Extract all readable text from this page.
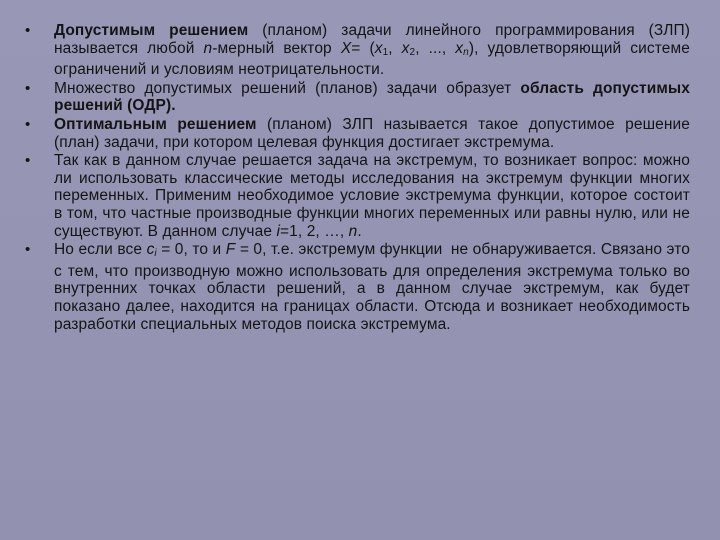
• Допустимым решением (планом) задачи линейного программирования (ЗЛП) называется любой n-мерный вектор $X= (x_1$, $x_2$, ..., $x_n$), удовлетворяющий системе ограничений и условиям неотрицательности.
• Множество допустимых решений (планов) задачи образует область допустимых решений (ОДР).
• Оптимальным решением (планом) ЗЛП называется такое допустимое решение (план) задачи, при котором целевая функция достигает экстремума.
• Так как в данном случае решается задача на экстремум, то возникает вопрос: можно ли использовать классические методы исследования на экстремум функции многих переменных. Применим необходимое условие экстремума функции, которое состоит в том, что частные производные функции многих переменных или равны нулю, или не существуют. В данном случае i=1, 2, …, n.
• Но если все $c_i = 0$, то и F = 0, т.е. экстремум функции не обнаруживается. Связано это с тем, что производную можно использовать для определения экстремума только во внутренних точках области решений, а в данном случае экстремум, как будет показано далее, находится на границах области. Отсюда и возникает необходимость разработки специальных методов поиска экстремума.
